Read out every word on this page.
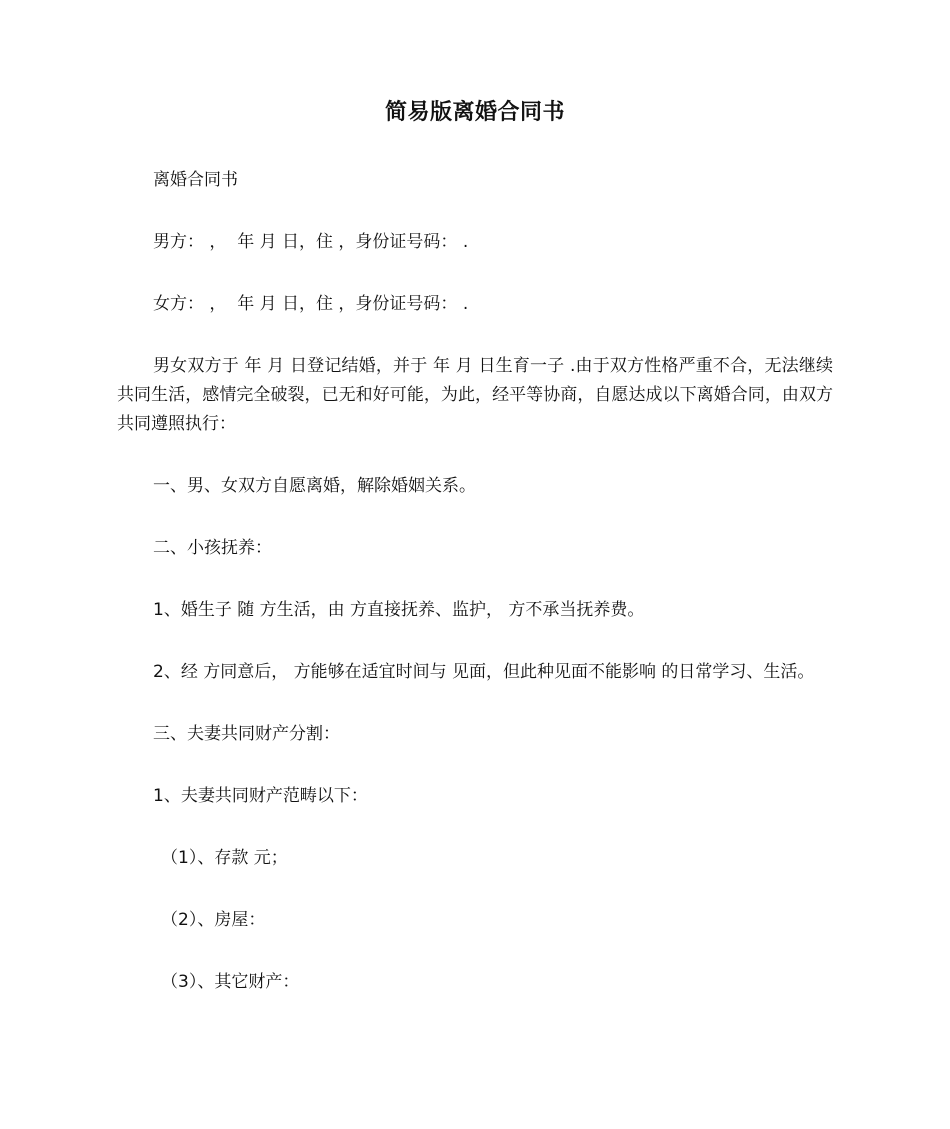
简易版离婚合同书

离婚合同书

男方： ，  年 月 日，住 ，身份证号码： .

女方： ，  年 月 日，住 ，身份证号码： .

男女双方于 年 月 日登记结婚，并于 年 月 日生育一子 .由于双方性格严重不合，无法继续共同生活，感情完全破裂，已无和好可能，为此，经平等协商，自愿达成以下离婚合同，由双方共同遵照执行：

一、男、女双方自愿离婚，解除婚姻关系。

二、小孩抚养：

1、婚生子 随 方生活，由 方直接抚养、监护， 方不承当抚养费。

2、经 方同意后， 方能够在适宜时间与 见面，但此种见面不能影响 的日常学习、生活。

三、夫妻共同财产分割：

1、夫妻共同财产范畴以下：

（1）、存款 元；

（2）、房屋：

（3）、其它财产：
